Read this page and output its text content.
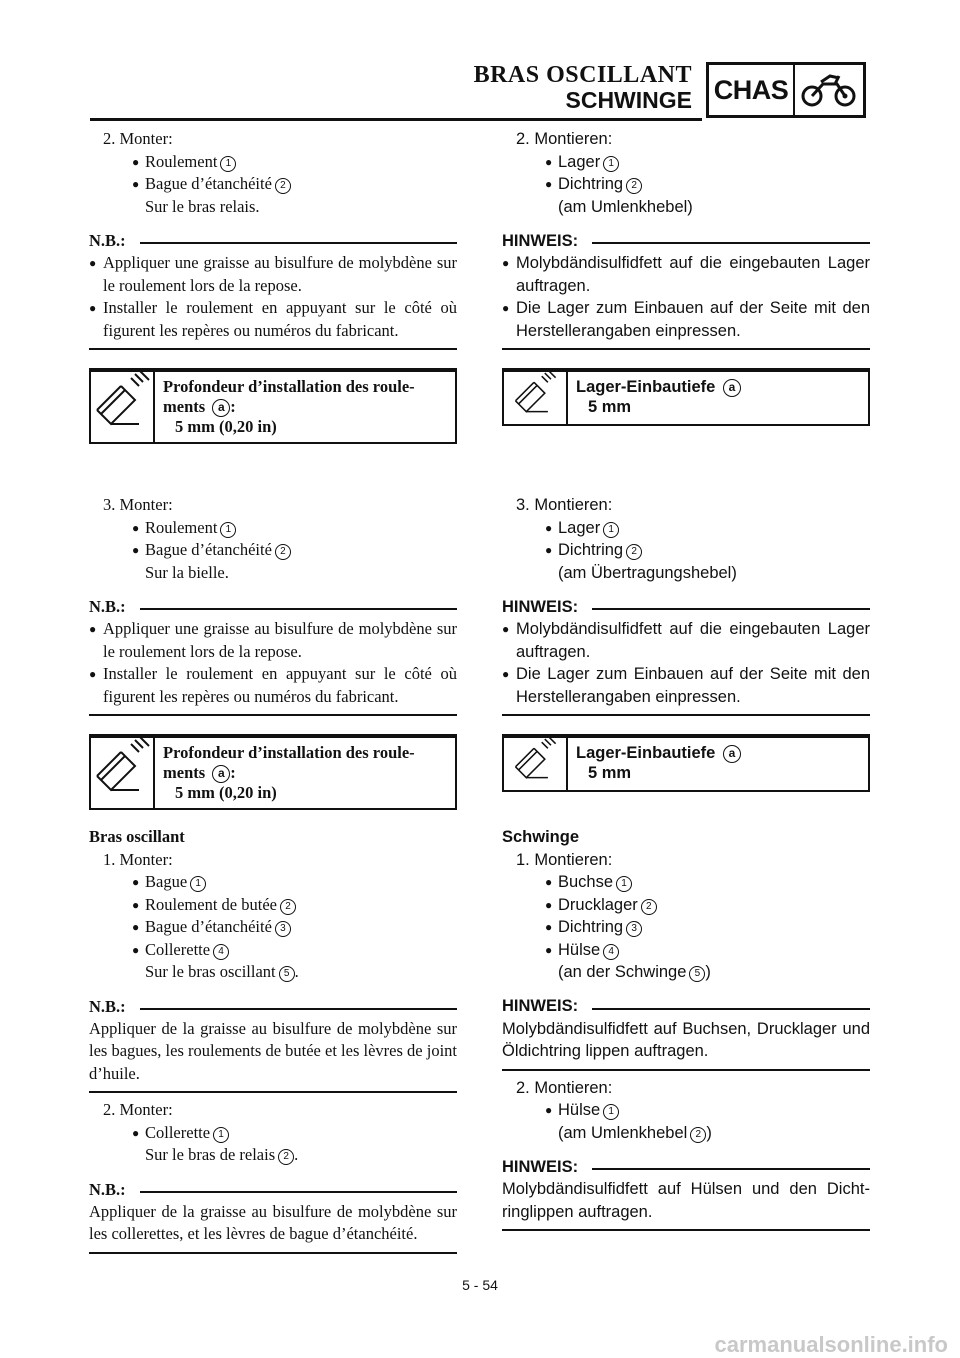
BRAS OSCILLANT
SCHWINGE CHAS
2. Monter:
● Roulement 1
● Bague d’étanchéité 2
Sur le bras relais.
N.B.:
● Appliquer une graisse au bisulfure de molybdène sur le roulement lors de la repose.
● Installer le roulement en appuyant sur le côté où figurent les repères ou numéros du fabricant.
Profondeur d’installation des roule-
ments a :
5 mm (0,20 in)
3. Monter:
● Roulement 1
● Bague d’étanchéité 2
Sur la bielle.
N.B.:
● Appliquer une graisse au bisulfure de molybdène sur le roulement lors de la repose.
● Installer le roulement en appuyant sur le côté où figurent les repères ou numéros du fabricant.
Profondeur d’installation des roule-
ments a :
5 mm (0,20 in)
Bras oscillant
1. Monter:
● Bague 1
● Roulement de butée 2
● Bague d’étanchéité 3
● Collerette 4
Sur le bras oscillant 5 .
N.B.:
Appliquer de la graisse au bisulfure de molybdène sur les bagues, les roulements de butée et les lèvres de joint d’huile.
2. Monter:
● Collerette 1
Sur le bras de relais 2 .
N.B.:
Appliquer de la graisse au bisulfure de molybdène sur les collerettes, et les lèvres de bague d’étanchéité.
2. Montieren:
● Lager 1
● Dichtring 2
(am Umlenkhebel)
HINWEIS:
● Molybdändisulfidfett auf die eingebauten Lager auftragen.
● Die Lager zum Einbauen auf der Seite mit den Herstellerangaben einpressen.
Lager-Einbautiefe a
5 mm
3. Montieren:
● Lager 1
● Dichtring 2
(am Übertragungshebel)
HINWEIS:
● Molybdändisulfidfett auf die eingebauten Lager auftragen.
● Die Lager zum Einbauen auf der Seite mit den Herstellerangaben einpressen.
Lager-Einbautiefe a
5 mm
Schwinge
1. Montieren:
● Buchse 1
● Drucklager 2
● Dichtring 3
● Hülse 4
(an der Schwinge 5 )
HINWEIS:
Molybdändisulfidfett auf Buchsen, Drucklager und Öldichtring lippen auftragen.
2. Montieren:
● Hülse 1
(am Umlenkhebel 2 )
HINWEIS:
Molybdändisulfidfett auf Hülsen und den Dichtringlippen auftragen.
5 - 54
carmanualsonline.info
